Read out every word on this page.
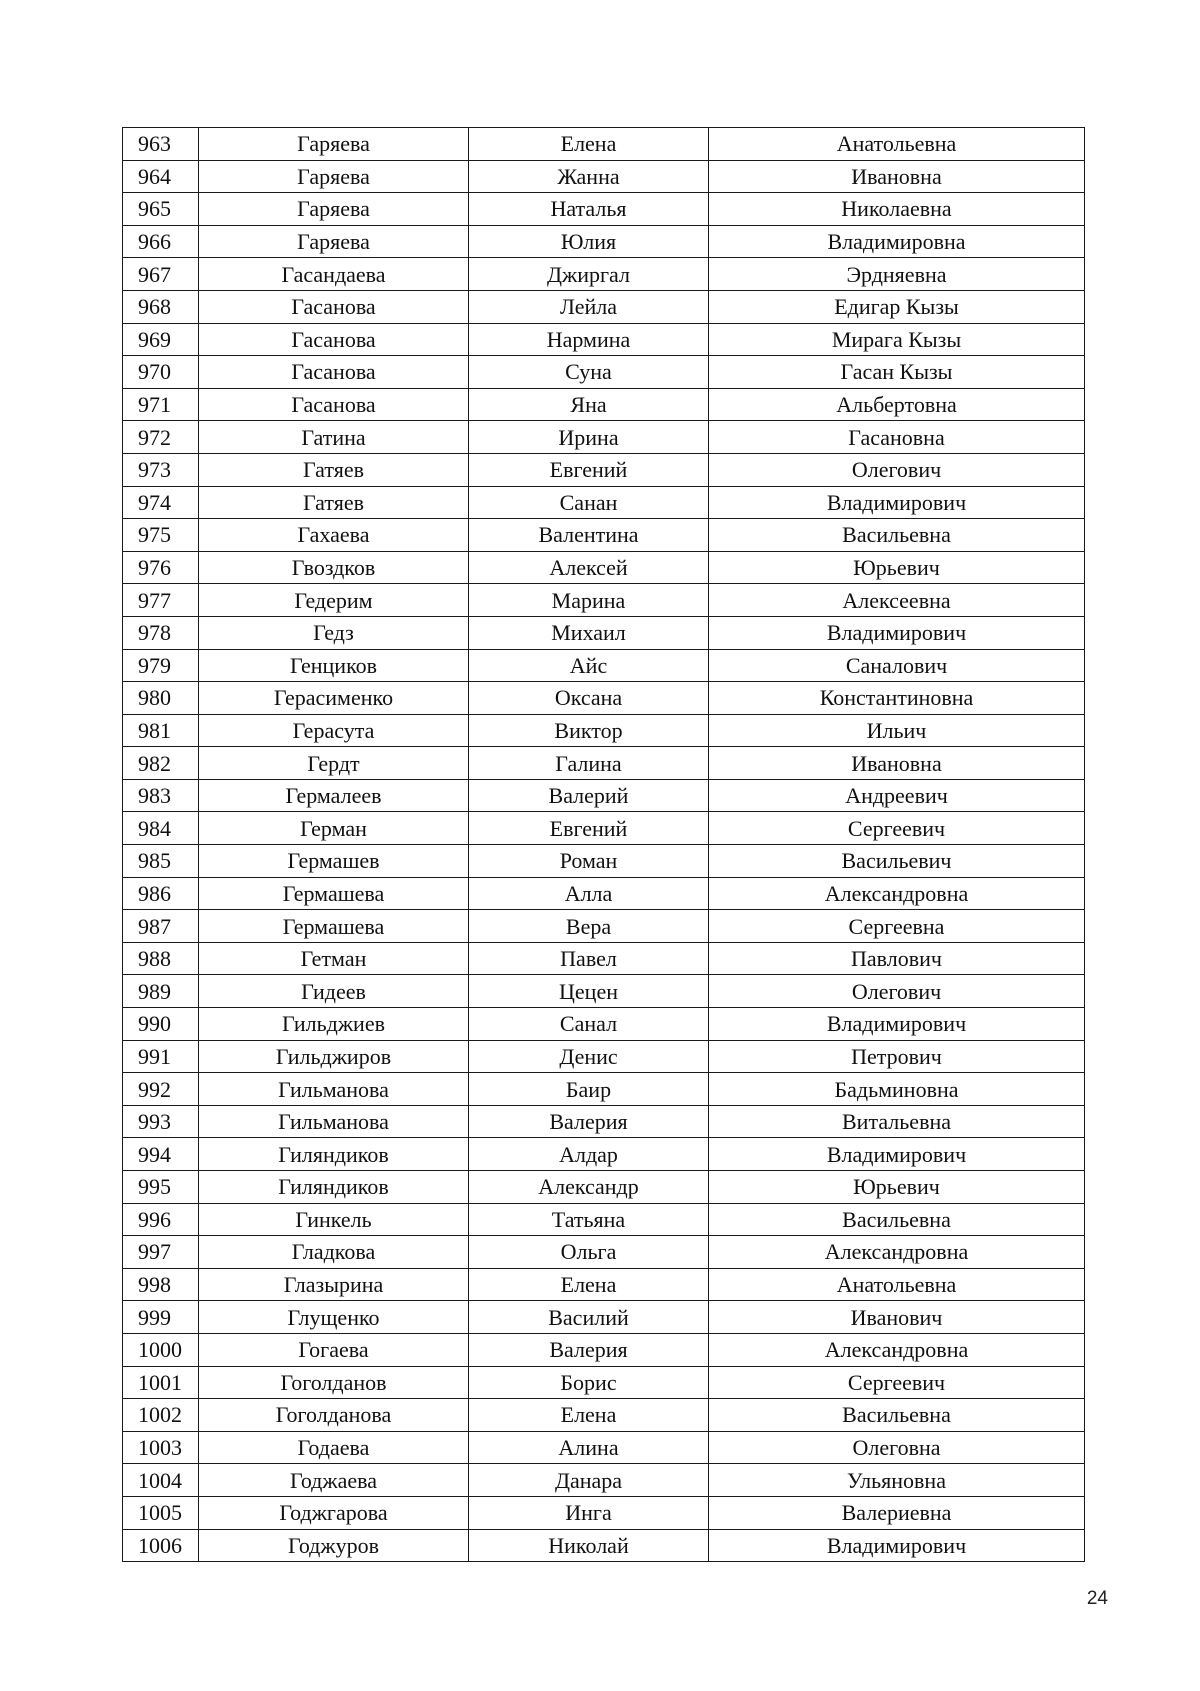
963	Гаряева	Елена	Анатольевна
964	Гаряева	Жанна	Ивановна
965	Гаряева	Наталья	Николаевна
966	Гаряева	Юлия	Владимировна
967	Гасандаева	Джиргал	Эрдняевна
968	Гасанова	Лейла	Едигар Кызы
969	Гасанова	Нармина	Мирага Кызы
970	Гасанова	Суна	Гасан Кызы
971	Гасанова	Яна	Альбертовна
972	Гатина	Ирина	Гасановна
973	Гатяев	Евгений	Олегович
974	Гатяев	Санан	Владимирович
975	Гахаева	Валентина	Васильевна
976	Гвоздков	Алексей	Юрьевич
977	Гедерим	Марина	Алексеевна
978	Гедз	Михаил	Владимирович
979	Генциков	Айс	Саналович
980	Герасименко	Оксана	Константиновна
981	Герасута	Виктор	Ильич
982	Гердт	Галина	Ивановна
983	Гермалеев	Валерий	Андреевич
984	Герман	Евгений	Сергеевич
985	Гермашев	Роман	Васильевич
986	Гермашева	Алла	Александровна
987	Гермашева	Вера	Сергеевна
988	Гетман	Павел	Павлович
989	Гидеев	Цецен	Олегович
990	Гильджиев	Санал	Владимирович
991	Гильджиров	Денис	Петрович
992	Гильманова	Баир	Бадьминовна
993	Гильманова	Валерия	Витальевна
994	Гиляндиков	Алдар	Владимирович
995	Гиляндиков	Александр	Юрьевич
996	Гинкель	Татьяна	Васильевна
997	Гладкова	Ольга	Александровна
998	Глазырина	Елена	Анатольевна
999	Глущенко	Василий	Иванович
1000	Гогаева	Валерия	Александровна
1001	Гоголданов	Борис	Сергеевич
1002	Гоголданова	Елена	Васильевна
1003	Годаева	Алина	Олеговна
1004	Годжаева	Данара	Ульяновна
1005	Годжгарова	Инга	Валериевна
1006	Годжуров	Николай	Владимирович
24
